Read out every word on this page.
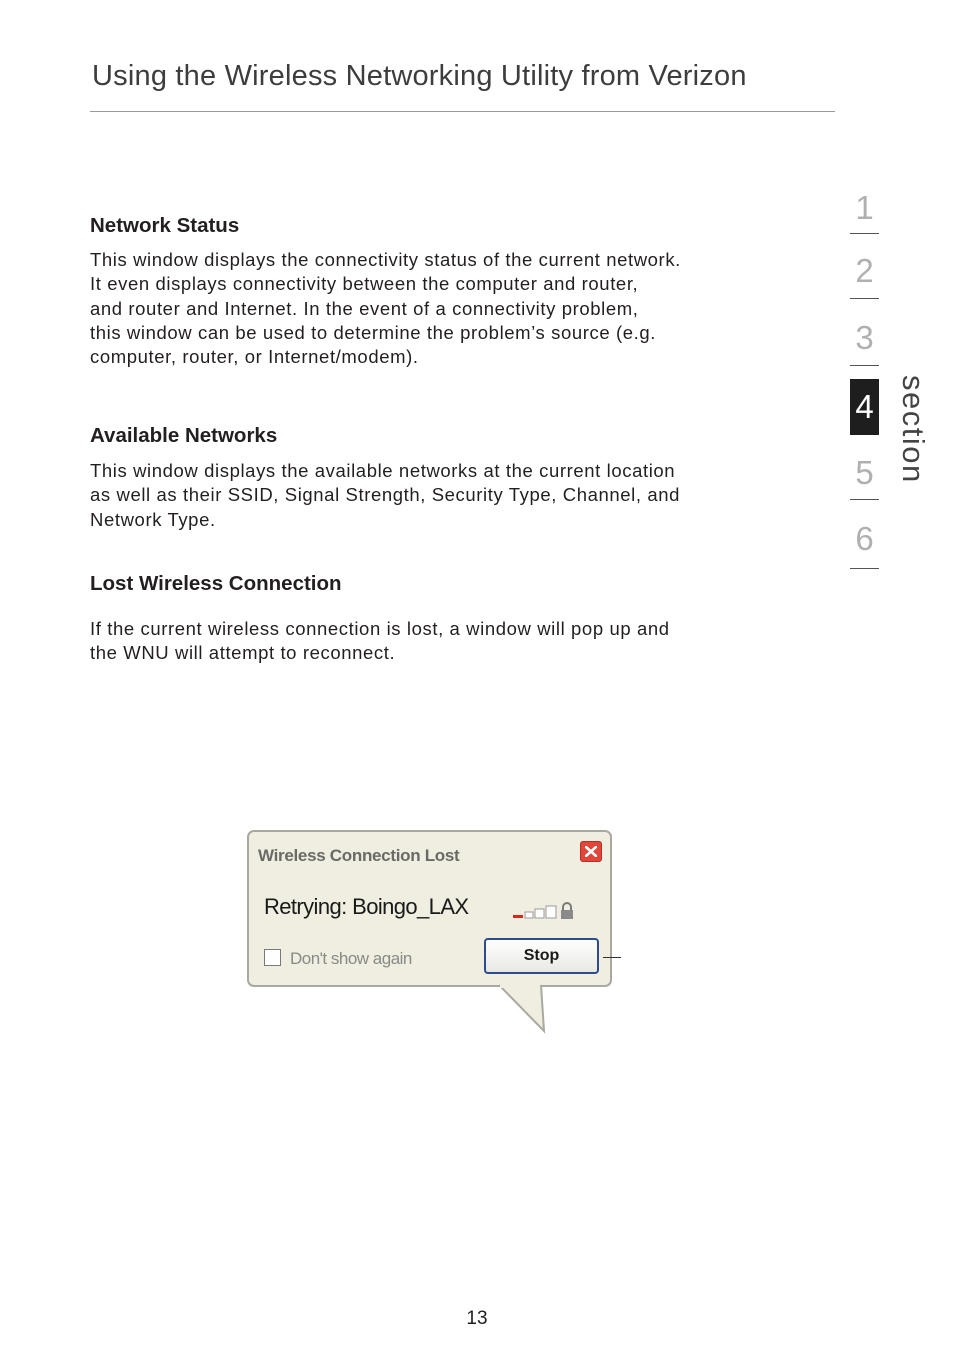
Using the Wireless Networking Utility from Verizon
1
2
3
4
5
6
section
Network Status

This window displays the connectivity status of the current network.
It even displays connectivity between the computer and router,
and router and Internet. In the event of a connectivity problem,
this window can be used to determine the problem’s source (e.g.
computer, router, or Internet/modem).

Available Networks

This window displays the available networks at the current location
as well as their SSID, Signal Strength, Security Type, Channel, and
Network Type.

Lost Wireless Connection

If the current wireless connection is lost, a window will pop up and
the WNU will attempt to reconnect.

Wireless Connection Lost
Retrying: Boingo_LAX
Don't show again	Stop
13
